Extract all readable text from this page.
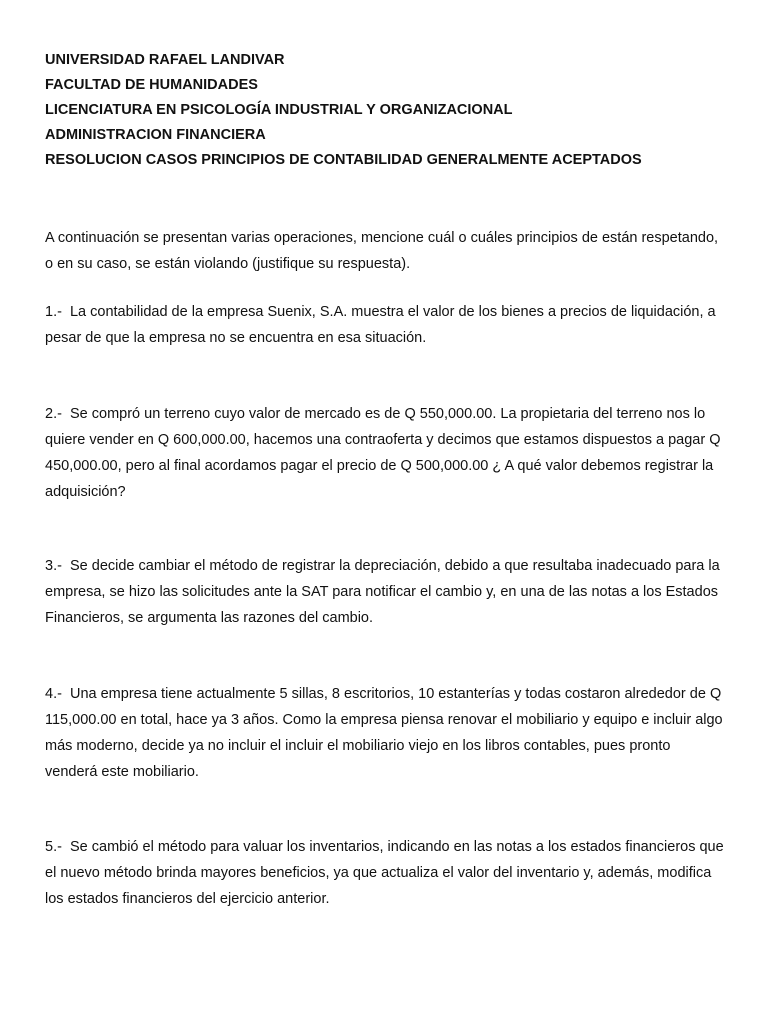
UNIVERSIDAD RAFAEL LANDIVAR
FACULTAD DE HUMANIDADES
LICENCIATURA EN PSICOLOGÍA INDUSTRIAL Y ORGANIZACIONAL
ADMINISTRACION FINANCIERA
RESOLUCION CASOS PRINCIPIOS DE CONTABILIDAD GENERALMENTE ACEPTADOS

A continuación se presentan varias operaciones, mencione cuál o cuáles principios de están respetando, o en su caso, se están violando (justifique su respuesta).

1.- La contabilidad de la empresa Suenix, S.A. muestra el valor de los bienes a precios de liquidación, a pesar de que la empresa no se encuentra en esa situación.

2.- Se compró un terreno cuyo valor de mercado es de Q 550,000.00. La propietaria del terreno nos lo quiere vender en Q 600,000.00, hacemos una contraoferta y decimos que estamos dispuestos a pagar Q 450,000.00, pero al final acordamos pagar el precio de Q 500,000.00 ¿ A qué valor debemos registrar la adquisición?

3.- Se decide cambiar el método de registrar la depreciación, debido a que resultaba inadecuado para la empresa, se hizo las solicitudes ante la SAT para notificar el cambio y, en una de las notas a los Estados Financieros, se argumenta las razones del cambio.

4.- Una empresa tiene actualmente 5 sillas, 8 escritorios, 10 estanterías y todas costaron alrededor de Q 115,000.00 en total, hace ya 3 años. Como la empresa piensa renovar el mobiliario y equipo e incluir algo más moderno, decide ya no incluir el incluir el mobiliario viejo en los libros contables, pues pronto venderá este mobiliario.

5.- Se cambió el método para valuar los inventarios, indicando en las notas a los estados financieros que el nuevo método brinda mayores beneficios, ya que actualiza el valor del inventario y, además, modifica los estados financieros del ejercicio anterior.
